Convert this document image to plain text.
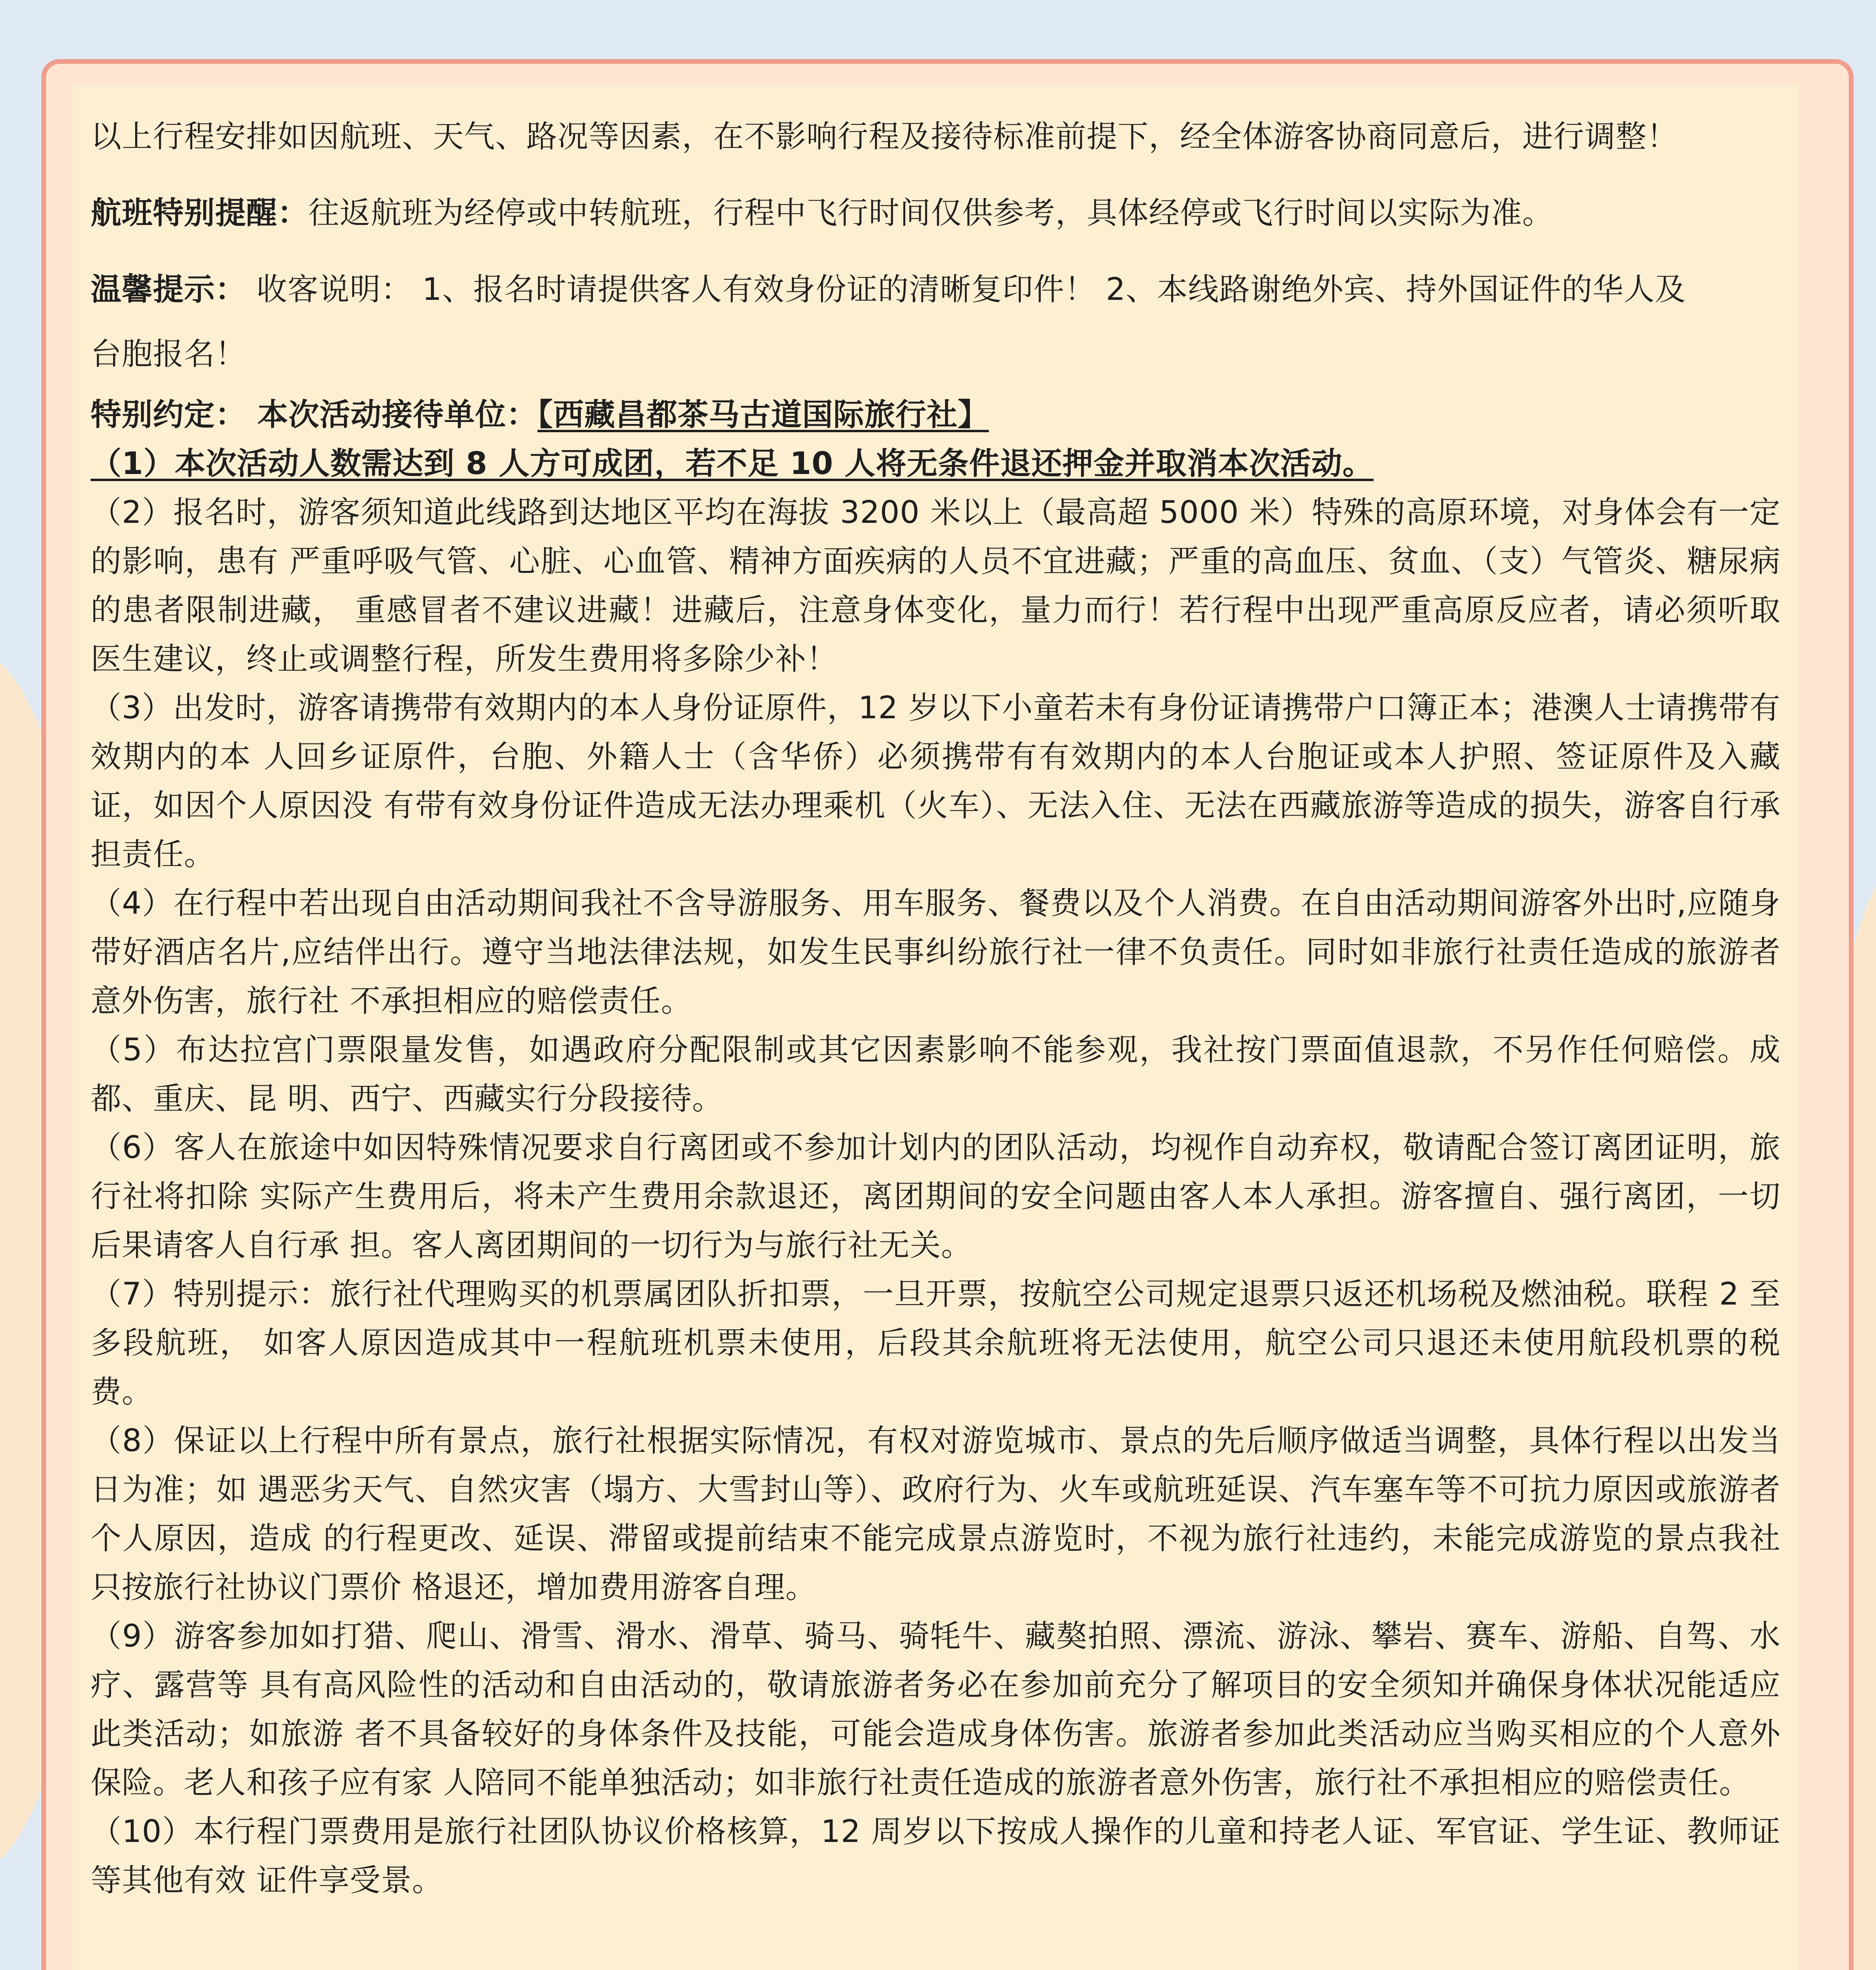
以上行程安排如因航班、天气、路况等因素，在不影响行程及接待标准前提下，经全体游客协商同意后，进行调整！

航班特别提醒：往返航班为经停或中转航班，行程中飞行时间仅供参考，具体经停或飞行时间以实际为准。

温馨提示： 收客说明： 1、报名时请提供客人有效身份证的清晰复印件！ 2、本线路谢绝外宾、持外国证件的华人及

台胞报名！

特别约定： 本次活动接待单位：【西藏昌都茶马古道国际旅行社】

（1）本次活动人数需达到 8 人方可成团，若不足 10 人将无条件退还押金并取消本次活动。

（2）报名时，游客须知道此线路到达地区平均在海拔 3200 米以上（最高超 5000 米）特殊的高原环境，对身体会有一定的影响，患有 严重呼吸气管、心脏、心血管、精神方面疾病的人员不宜进藏；严重的高血压、贫血、（支）气管炎、糖尿病的患者限制进藏， 重感冒者不建议进藏！进藏后，注意身体变化，量力而行！若行程中出现严重高原反应者，请必须听取医生建议，终止或调整行程，所发生费用将多除少补！

（3）出发时，游客请携带有效期内的本人身份证原件，12 岁以下小童若未有身份证请携带户口簿正本；港澳人士请携带有效期内的本 人回乡证原件，台胞、外籍人士（含华侨）必须携带有有效期内的本人台胞证或本人护照、签证原件及入藏证，如因个人原因没 有带有效身份证件造成无法办理乘机（火车）、无法入住、无法在西藏旅游等造成的损失，游客自行承担责任。

（4）在行程中若出现自由活动期间我社不含导游服务、用车服务、餐费以及个人消费。在自由活动期间游客外出时,应随身带好酒店名片,应结伴出行。遵守当地法律法规，如发生民事纠纷旅行社一律不负责任。同时如非旅行社责任造成的旅游者意外伤害，旅行社 不承担相应的赔偿责任。

（5）布达拉宫门票限量发售，如遇政府分配限制或其它因素影响不能参观，我社按门票面值退款，不另作任何赔偿。成都、重庆、昆 明、西宁、西藏实行分段接待。

（6）客人在旅途中如因特殊情况要求自行离团或不参加计划内的团队活动，均视作自动弃权，敬请配合签订离团证明，旅行社将扣除 实际产生费用后，将未产生费用余款退还，离团期间的安全问题由客人本人承担。游客擅自、强行离团，一切后果请客人自行承 担。客人离团期间的一切行为与旅行社无关。

（7）特别提示：旅行社代理购买的机票属团队折扣票，一旦开票，按航空公司规定退票只返还机场税及燃油税。联程 2 至多段航班， 如客人原因造成其中一程航班机票未使用，后段其余航班将无法使用，航空公司只退还未使用航段机票的税费。

（8）保证以上行程中所有景点，旅行社根据实际情况，有权对游览城市、景点的先后顺序做适当调整，具体行程以出发当日为准；如 遇恶劣天气、自然灾害（塌方、大雪封山等）、政府行为、火车或航班延误、汽车塞车等不可抗力原因或旅游者个人原因，造成 的行程更改、延误、滞留或提前结束不能完成景点游览时，不视为旅行社违约，未能完成游览的景点我社只按旅行社协议门票价 格退还，增加费用游客自理。

（9）游客参加如打猎、爬山、滑雪、滑水、滑草、骑马、骑牦牛、藏獒拍照、漂流、游泳、攀岩、赛车、游船、自驾、水疗、露营等 具有高风险性的活动和自由活动的，敬请旅游者务必在参加前充分了解项目的安全须知并确保身体状况能适应此类活动；如旅游 者不具备较好的身体条件及技能，可能会造成身体伤害。旅游者参加此类活动应当购买相应的个人意外保险。老人和孩子应有家 人陪同不能单独活动；如非旅行社责任造成的旅游者意外伤害，旅行社不承担相应的赔偿责任。

（10）本行程门票费用是旅行社团队协议价格核算，12 周岁以下按成人操作的儿童和持老人证、军官证、学生证、教师证等其他有效 证件享受景。
